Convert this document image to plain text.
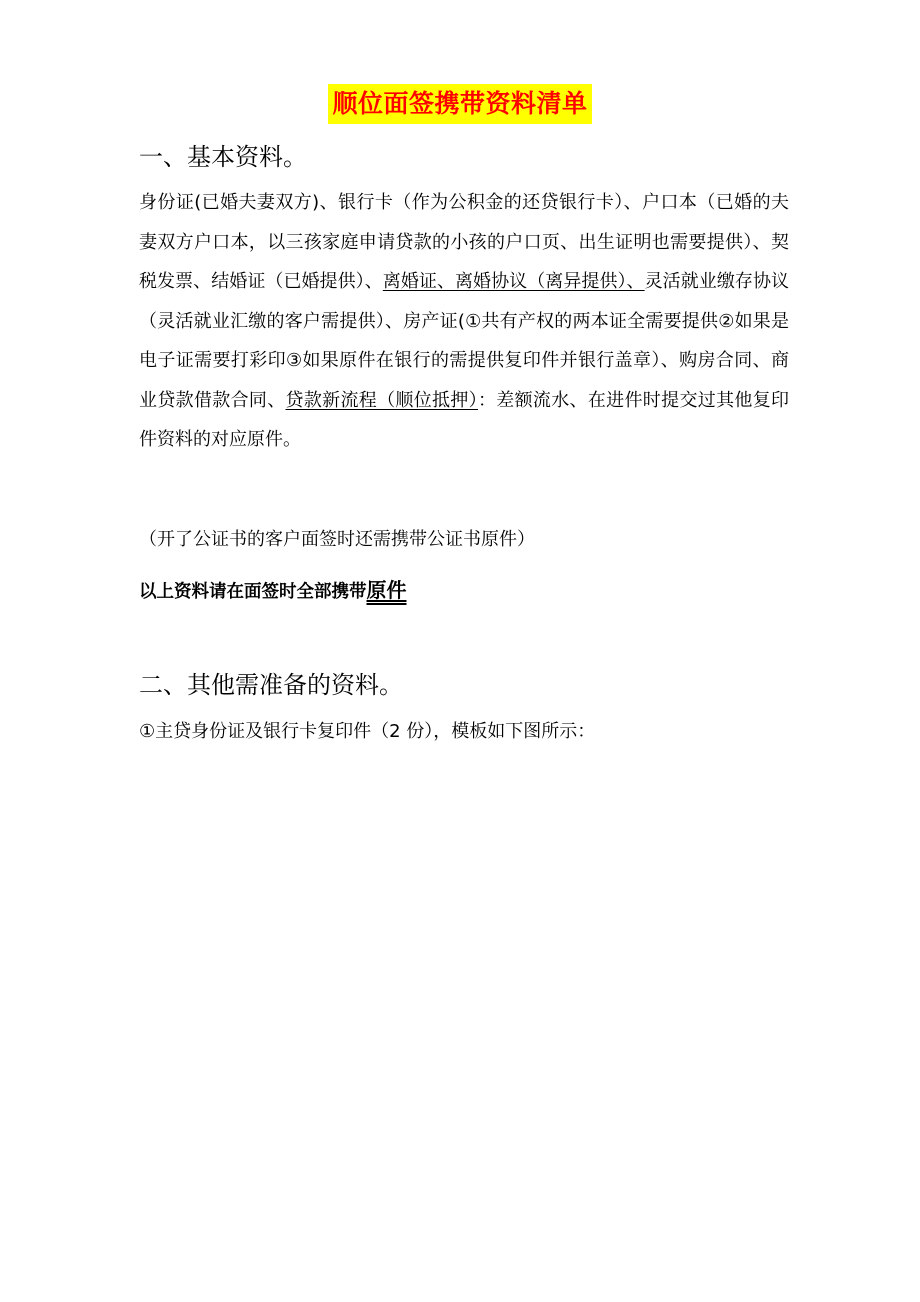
顺位面签携带资料清单
一、基本资料。
身份证(已婚夫妻双方)、银行卡（作为公积金的还贷银行卡）、户口本（已婚的夫妻双方户口本，以三孩家庭申请贷款的小孩的户口页、出生证明也需要提供）、契税发票、结婚证（已婚提供）、离婚证、离婚协议（离异提供）、灵活就业缴存协议（灵活就业汇缴的客户需提供）、房产证(①共有产权的两本证全需要提供②如果是电子证需要打彩印③如果原件在银行的需提供复印件并银行盖章）、购房合同、商业贷款借款合同、贷款新流程（顺位抵押）：差额流水、在进件时提交过其他复印件资料的对应原件。
（开了公证书的客户面签时还需携带公证书原件）
以上资料请在面签时全部携带原件
二、其他需准备的资料。
①主贷身份证及银行卡复印件（2 份），模板如下图所示：
